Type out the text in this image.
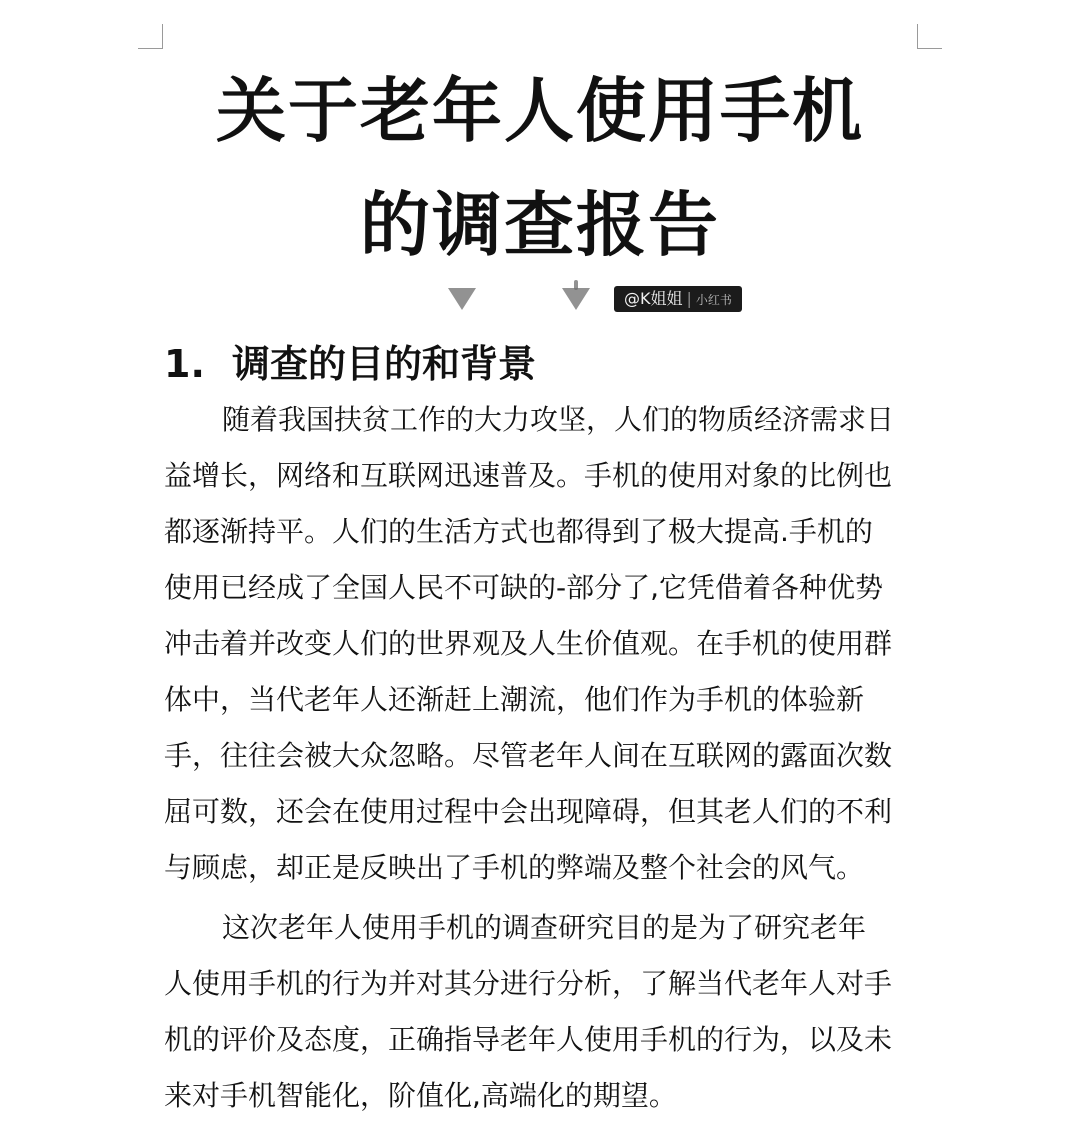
关于老年人使用手机
的调查报告
@K姐姐 | 小红书
1. 调查的目的和背景

随着我国扶贫工作的大力攻坚，人们的物质经济需求日
益增长，网络和互联网迅速普及。手机的使用对象的比例也
都逐渐持平。人们的生活方式也都得到了极大提高.手机的
使用已经成了全国人民不可缺的-部分了,它凭借着各种优势
冲击着并改变人们的世界观及人生价值观。在手机的使用群
体中，当代老年人还渐赶上潮流，他们作为手机的体验新
手，往往会被大众忽略。尽管老年人间在互联网的露面次数
屈可数，还会在使用过程中会出现障碍，但其老人们的不利
与顾虑，却正是反映出了手机的弊端及整个社会的风气。

这次老年人使用手机的调查研究目的是为了研究老年
人使用手机的行为并对其分进行分析，了解当代老年人对手
机的评价及态度，正确指导老年人使用手机的行为，以及未
来对手机智能化，阶值化,高端化的期望。
